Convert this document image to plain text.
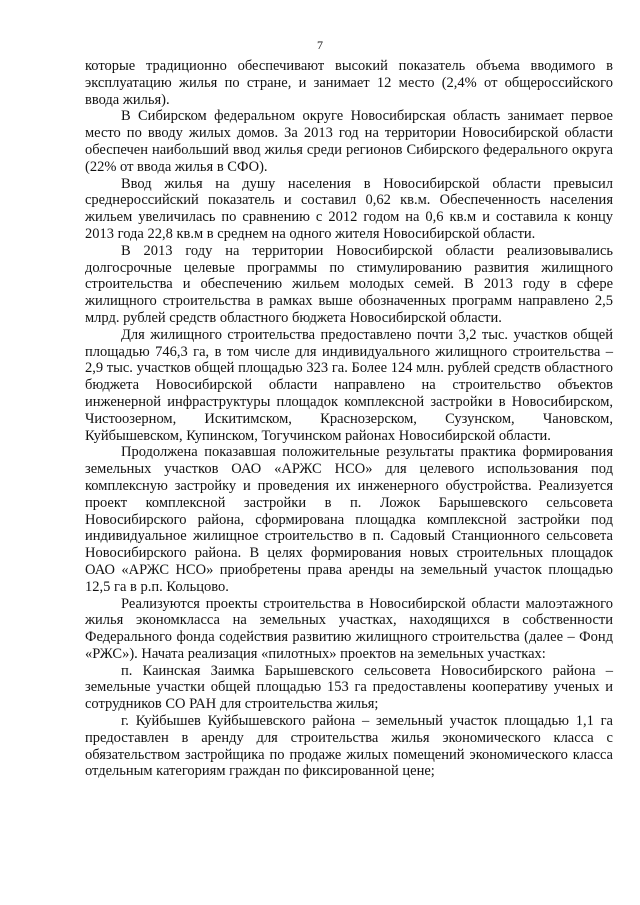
7

которые традиционно обеспечивают высокий показатель объема вводимого в эксплуатацию жилья по стране, и занимает 12 место (2,4% от общероссийского ввода жилья).

В Сибирском федеральном округе Новосибирская область занимает первое место по вводу жилых домов. За 2013 год на территории Новосибирской области обеспечен наибольший ввод жилья среди регионов Сибирского федерального округа (22% от ввода жилья в СФО).

Ввод жилья на душу населения в Новосибирской области превысил среднероссийский показатель и составил 0,62 кв.м. Обеспеченность населения жильем увеличилась по сравнению с 2012 годом на 0,6 кв.м и составила к концу 2013 года 22,8 кв.м в среднем на одного жителя Новосибирской области.

В 2013 году на территории Новосибирской области реализовывались долгосрочные целевые программы по стимулированию развития жилищного строительства и обеспечению жильем молодых семей. В 2013 году в сфере жилищного строительства в рамках выше обозначенных программ направлено 2,5 млрд. рублей средств областного бюджета Новосибирской области.

Для жилищного строительства предоставлено почти 3,2 тыс. участков общей площадью 746,3 га, в том числе для индивидуального жилищного строительства – 2,9 тыс. участков общей площадью 323 га. Более 124 млн. рублей средств областного бюджета Новосибирской области направлено на строительство объектов инженерной инфраструктуры площадок комплексной застройки в Новосибирском, Чистоозерном, Искитимском, Краснозерском, Сузунском, Чановском, Куйбышевском, Купинском, Тогучинском районах Новосибирской области.

Продолжена показавшая положительные результаты практика формирования земельных участков ОАО «АРЖС НСО» для целевого использования под комплексную застройку и проведения их инженерного обустройства. Реализуется проект комплексной застройки в п. Ложок Барышевского сельсовета Новосибирского района, сформирована площадка комплексной застройки под индивидуальное жилищное строительство в п. Садовый Станционного сельсовета Новосибирского района. В целях формирования новых строительных площадок ОАО «АРЖС НСО» приобретены права аренды на земельный участок площадью 12,5 га в р.п. Кольцово.

Реализуются проекты строительства в Новосибирской области малоэтажного жилья экономкласса на земельных участках, находящихся в собственности Федерального фонда содействия развитию жилищного строительства (далее – Фонд «РЖС»). Начата реализация «пилотных» проектов на земельных участках:

п. Каинская Заимка Барышевского сельсовета Новосибирского района – земельные участки общей площадью 153 га предоставлены кооперативу ученых и сотрудников СО РАН для строительства жилья;

г. Куйбышев Куйбышевского района – земельный участок площадью 1,1 га предоставлен в аренду для строительства жилья экономического класса с обязательством застройщика по продаже жилых помещений экономического класса отдельным категориям граждан по фиксированной цене;
